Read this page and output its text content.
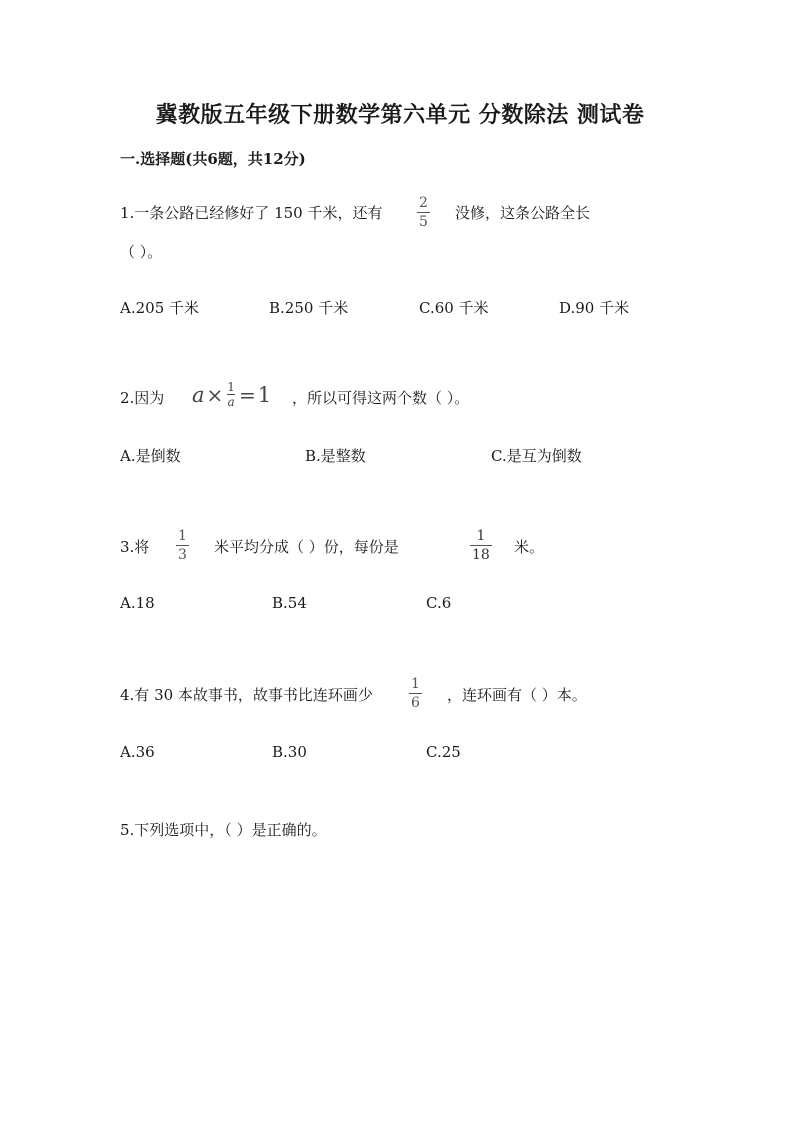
冀教版五年级下册数学第六单元 分数除法 测试卷
一.选择题(共6题，共12分)
1.一条公路已经修好了 150 千米，还有
2
5 没修，这条公路全长
（ ）。
A.205 千米	B.250 千米	C.60 千米	D.90 千米
2.因为 $a \times \frac{1}{a} = 1$ ，所以可得这两个数（ ）。
A.是倒数	B.是整数	C.是互为倒数
3.将
1
3 米平均分成（ ）份，每份是
1
18 米。
A.18	B.54	C.6
4.有 30 本故事书，故事书比连环画少
1
6 ，连环画有（ ）本。
A.36	B.30	C.25
5.下列选项中，（ ）是正确的。
